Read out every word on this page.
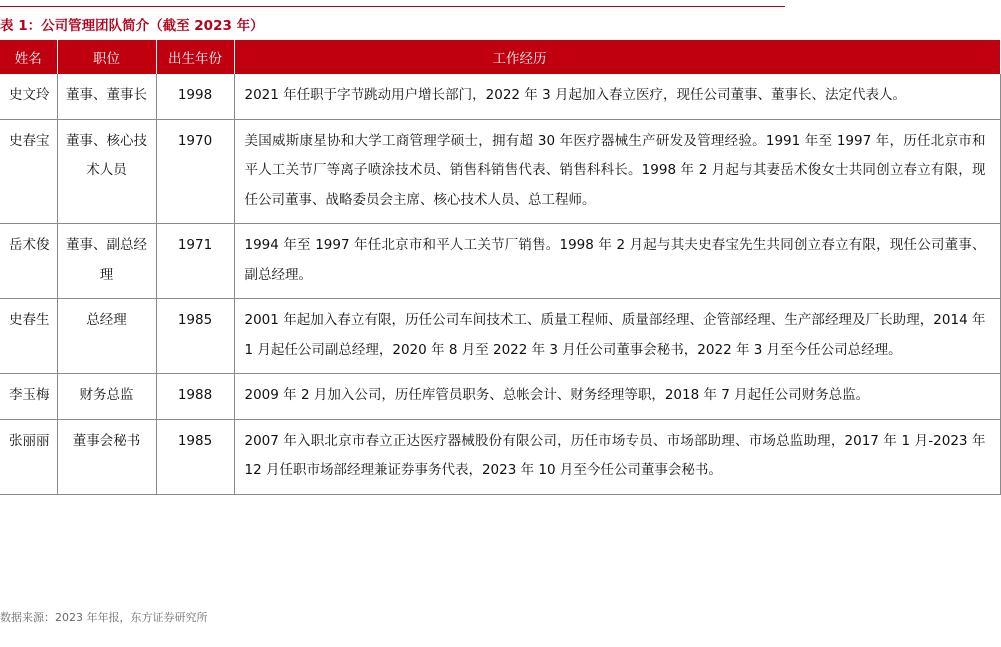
表 1：公司管理团队简介（截至 2023 年）
姓名	职位	出生年份	工作经历
史文玲	董事、董事长	1998	2021 年任职于字节跳动用户增长部门，2022 年 3 月起加入春立医疗，现任公司董事、董事长、法定代表人。
史春宝	董事、核心技术人员	1970	美国威斯康星协和大学工商管理学硕士，拥有超 30 年医疗器械生产研发及管理经验。1991 年至 1997 年，历任北京市和平人工关节厂等离子喷涂技术员、销售科销售代表、销售科科长。1998 年 2 月起与其妻岳术俊女士共同创立春立有限，现任公司董事、战略委员会主席、核心技术人员、总工程师。
岳术俊	董事、副总经理	1971	1994 年至 1997 年任北京市和平人工关节厂销售。1998 年 2 月起与其夫史春宝先生共同创立春立有限，现任公司董事、副总经理。
史春生	总经理	1985	2001 年起加入春立有限，历任公司车间技术工、质量工程师、质量部经理、企管部经理、生产部经理及厂长助理，2014 年 1 月起任公司副总经理，2020 年 8 月至 2022 年 3 月任公司董事会秘书，2022 年 3 月至今任公司总经理。
李玉梅	财务总监	1988	2009 年 2 月加入公司，历任库管员职务、总帐会计、财务经理等职，2018 年 7 月起任公司财务总监。
张丽丽	董事会秘书	1985	2007 年入职北京市春立正达医疗器械股份有限公司，历任市场专员、市场部助理、市场总监助理，2017 年 1 月-2023 年 12 月任职市场部经理兼证券事务代表，2023 年 10 月至今任公司董事会秘书。
数据来源：2023 年年报，东方证券研究所
